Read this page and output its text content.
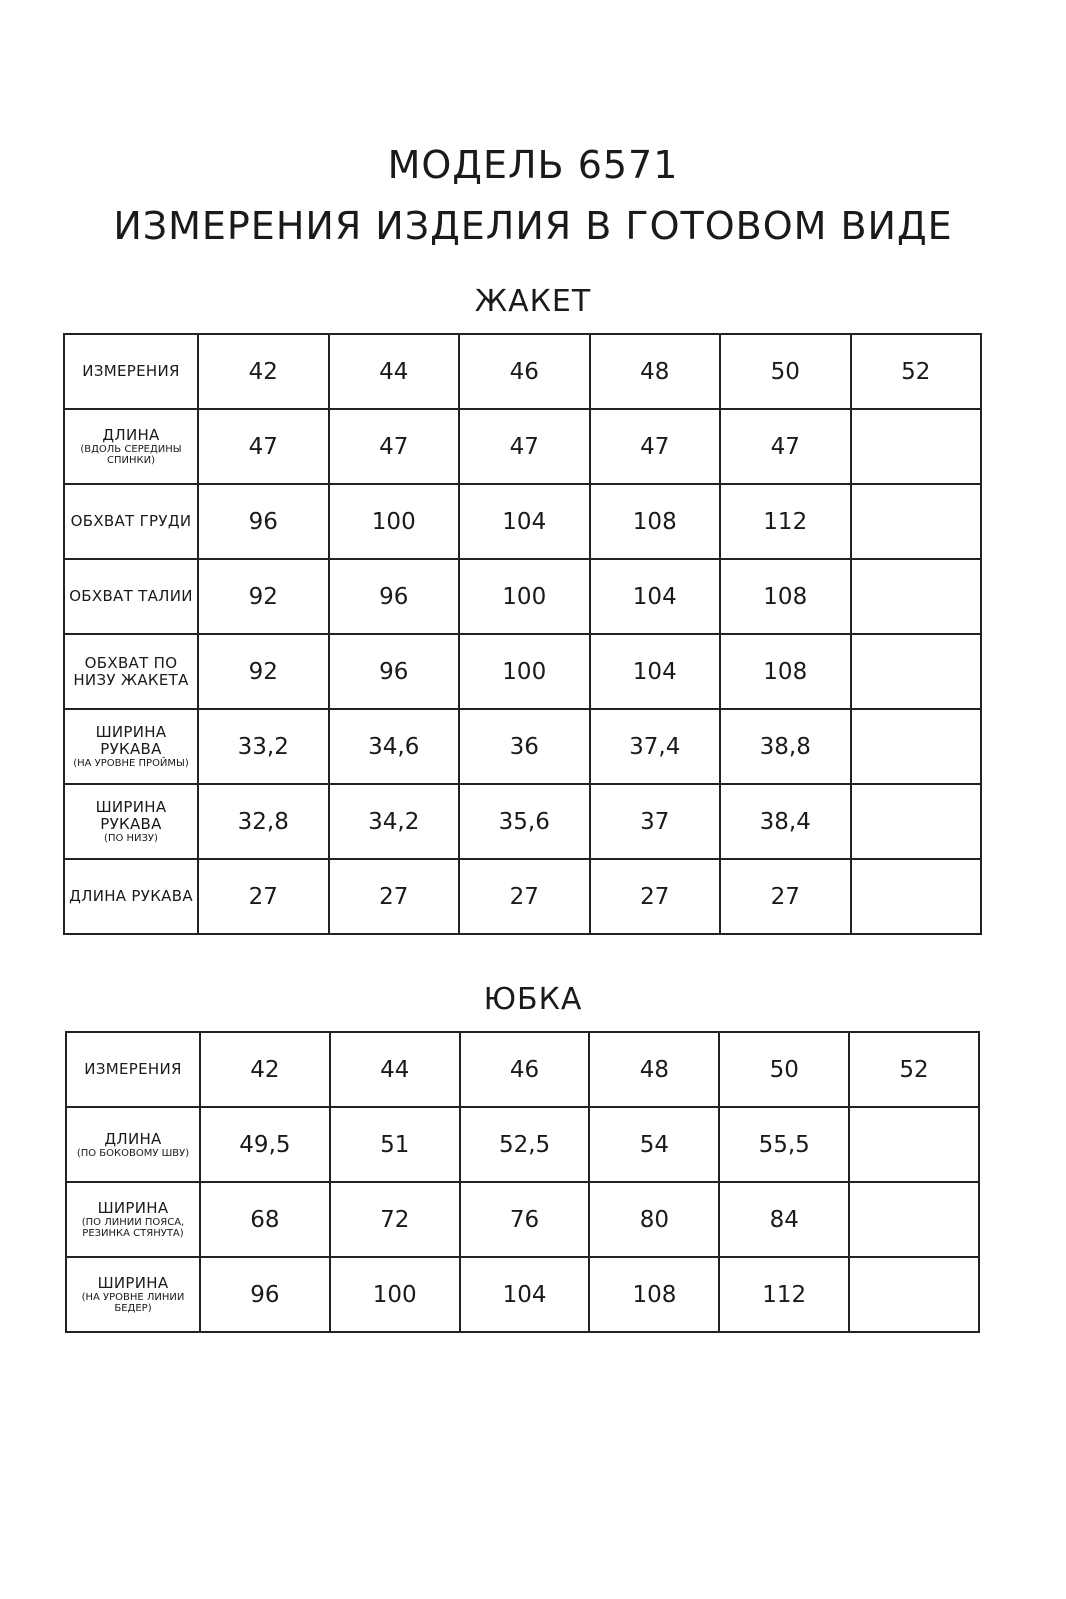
МОДЕЛЬ 6571
ИЗМЕРЕНИЯ ИЗДЕЛИЯ В ГОТОВОМ ВИДЕ
ЖАКЕТ
ИЗМЕРЕНИЯ	42	44	46	48	50	52

ДЛИНА
(ВДОЛЬ СЕРЕДИНЫ СПИНКИ)	47	47	47	47	47	

ОБХВАТ ГРУДИ	96	100	104	108	112	

ОБХВАТ ТАЛИИ	92	96	100	104	108	

ОБХВАТ ПО НИЗУ ЖАКЕТА	92	96	100	104	108	

ШИРИНА РУКАВА
(НА УРОВНЕ ПРОЙМЫ)	33,2	34,6	36	37,4	38,8	

ШИРИНА РУКАВА
(ПО НИЗУ)	32,8	34,2	35,6	37	38,4	

ДЛИНА РУКАВА	27	27	27	27	27	
ЮБКА
ИЗМЕРЕНИЯ	42	44	46	48	50	52

ДЛИНА
(ПО БОКОВОМУ ШВУ)	49,5	51	52,5	54	55,5	

ШИРИНА
(ПО ЛИНИИ ПОЯСА, РЕЗИНКА СТЯНУТА)	68	72	76	80	84	

ШИРИНА
(НА УРОВНЕ ЛИНИИ БЕДЕР)	96	100	104	108	112	
